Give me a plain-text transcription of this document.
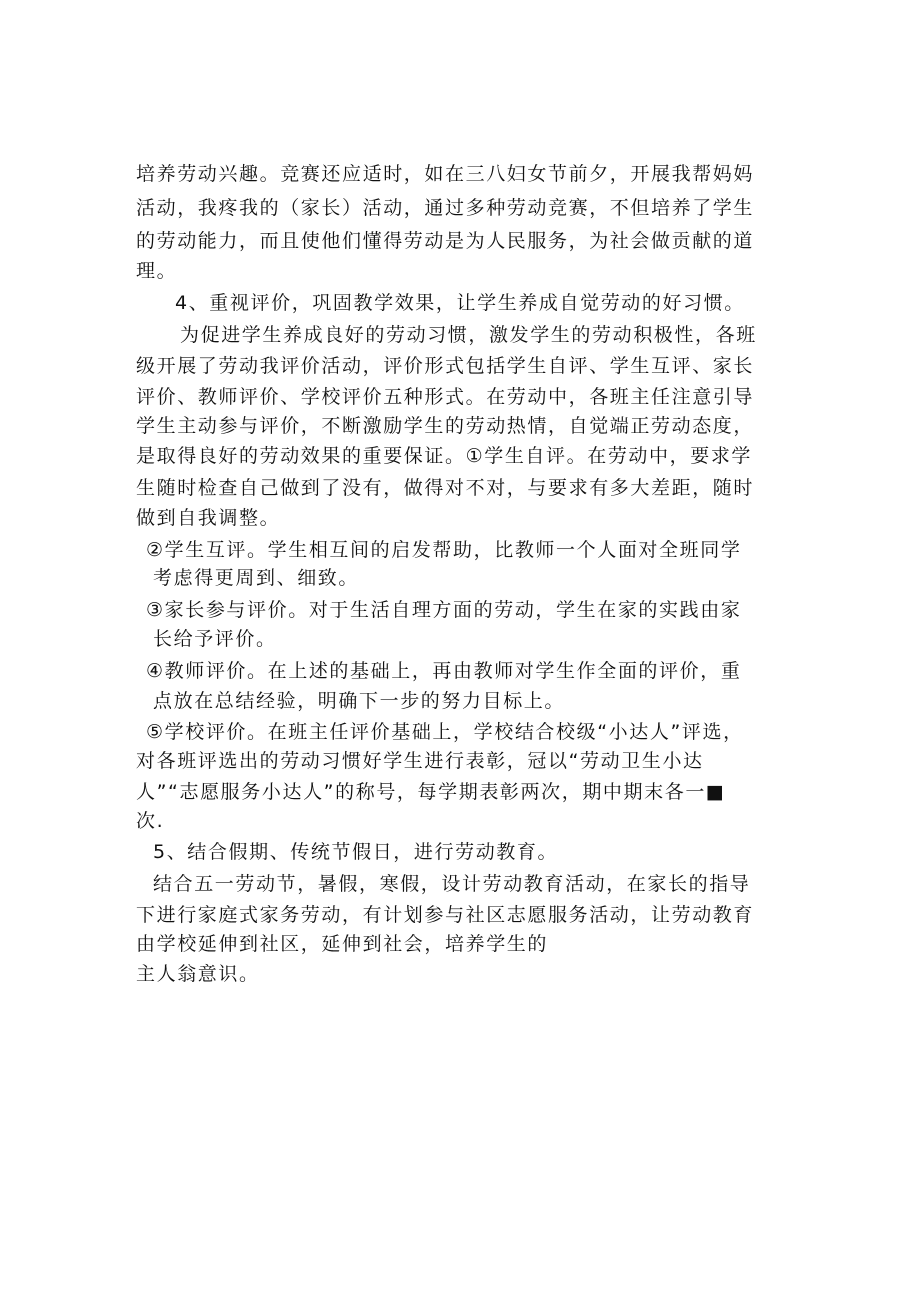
培养劳动兴趣。竞赛还应适时，如在三八妇女节前夕，开展我帮妈妈
活动，我疼我的（家长）活动，通过多种劳动竞赛，不但培养了学生
的劳动能力，而且使他们懂得劳动是为人民服务，为社会做贡献的道
理。
4、重视评价，巩固教学效果，让学生养成自觉劳动的好习惯。
为促进学生养成良好的劳动习惯，激发学生的劳动积极性，各班
级开展了劳动我评价活动，评价形式包括学生自评、学生互评、家长
评价、教师评价、学校评价五种形式。在劳动中，各班主任注意引导
学生主动参与评价，不断激励学生的劳动热情，自觉端正劳动态度，
是取得良好的劳动效果的重要保证。①学生自评。在劳动中，要求学
生随时检查自己做到了没有，做得对不对，与要求有多大差距，随时
做到自我调整。
②学生互评。学生相互间的启发帮助，比教师一个人面对全班同学
考虑得更周到、细致。
③家长参与评价。对于生活自理方面的劳动，学生在家的实践由家
长给予评价。
④教师评价。在上述的基础上，再由教师对学生作全面的评价，重
点放在总结经验，明确下一步的努力目标上。
⑤学校评价。在班主任评价基础上，学校结合校级“小达人”评选，
对各班评选出的劳动习惯好学生进行表彰，冠以“劳动卫生小达
人”“志愿服务小达人”的称号，每学期表彰两次，期中期末各一■
次.
5、结合假期、传统节假日，进行劳动教育。
结合五一劳动节，暑假，寒假，设计劳动教育活动，在家长的指导
下进行家庭式家务劳动，有计划参与社区志愿服务活动，让劳动教育
由学校延伸到社区，延伸到社会，培养学生的
主人翁意识。
